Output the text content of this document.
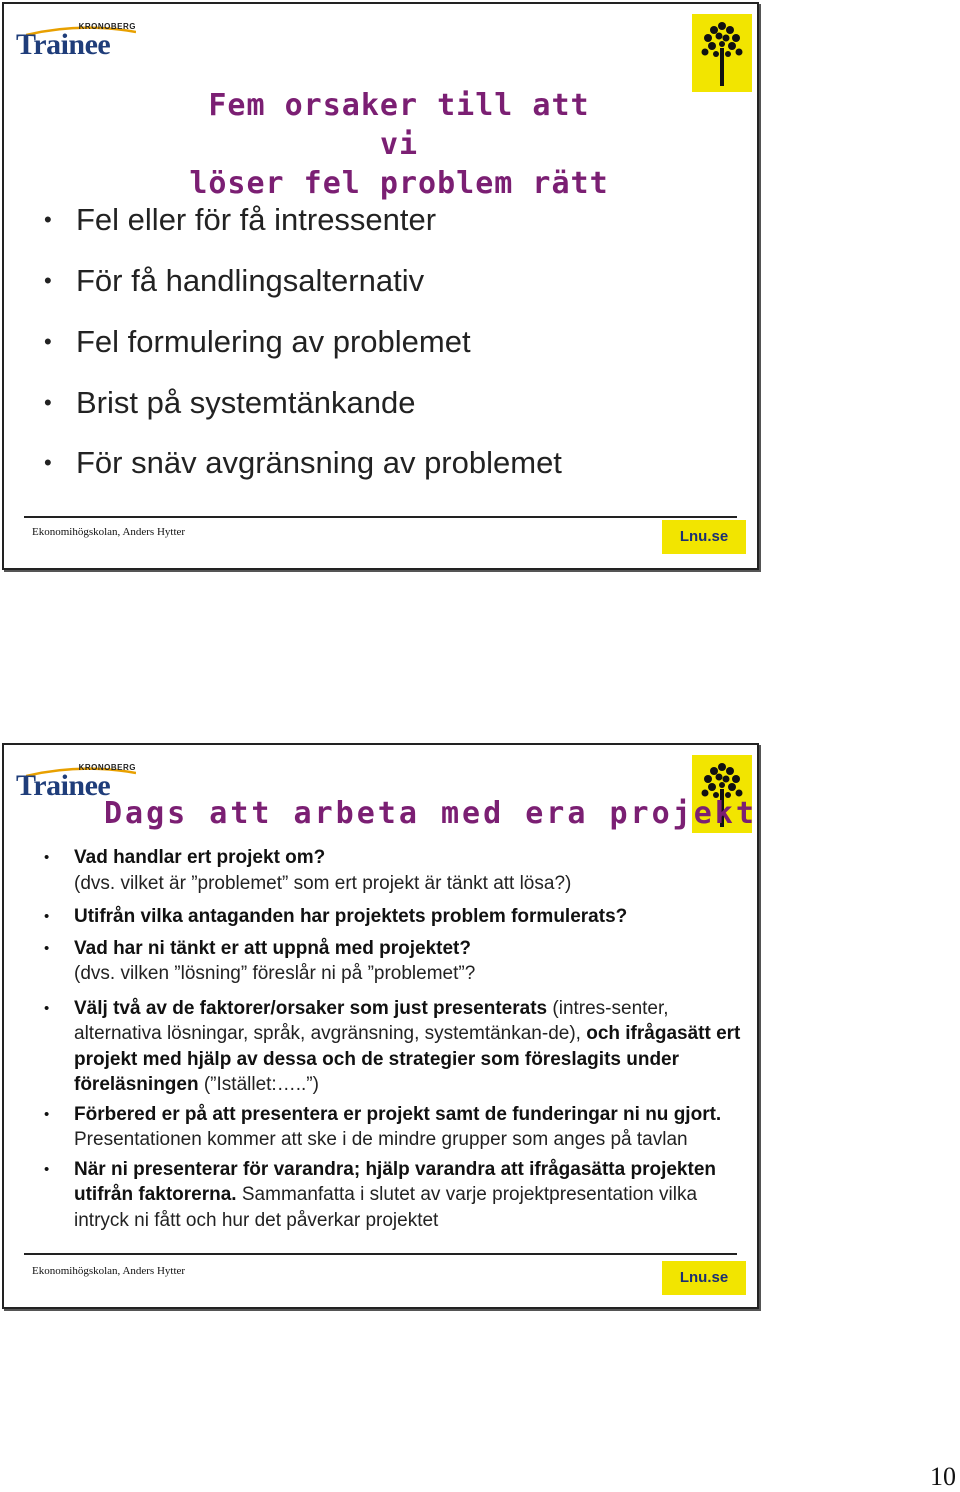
KRONOBERG
Trainee
Fem orsaker till att vi
löser fel problem rätt
• Fel eller för få intressenter
• För få handlingsalternativ
• Fel formulering av problemet
• Brist på systemtänkande
• För snäv avgränsning av problemet
Ekonomihögskolan, Anders Hytter	Lnu.se
KRONOBERG
Trainee
Dags att arbeta med era projekt
• Vad handlar ert projekt om?
(dvs. vilket är ”problemet” som ert projekt är tänkt att lösa?)
• Utifrån vilka antaganden har projektets problem formulerats?
• Vad har ni tänkt er att uppnå med projektet?
(dvs. vilken ”lösning” föreslår ni på ”problemet”?
• Välj två av de faktorer/orsaker som just presenterats (intres-senter, alternativa lösningar, språk, avgränsning, systemtänkan-de), och ifrågasätt ert projekt med hjälp av dessa och de strategier som föreslagits under föreläsningen (”Istället:…..”)
• Förbered er på att presentera er projekt samt de funderingar ni nu gjort. Presentationen kommer att ske i de mindre grupper som anges på tavlan
• När ni presenterar för varandra; hjälp varandra att ifrågasätta projekten utifrån faktorerna. Sammanfatta i slutet av varje projektpresentation vilka intryck ni fått och hur det påverkar projektet
Ekonomihögskolan, Anders Hytter	Lnu.se
10
